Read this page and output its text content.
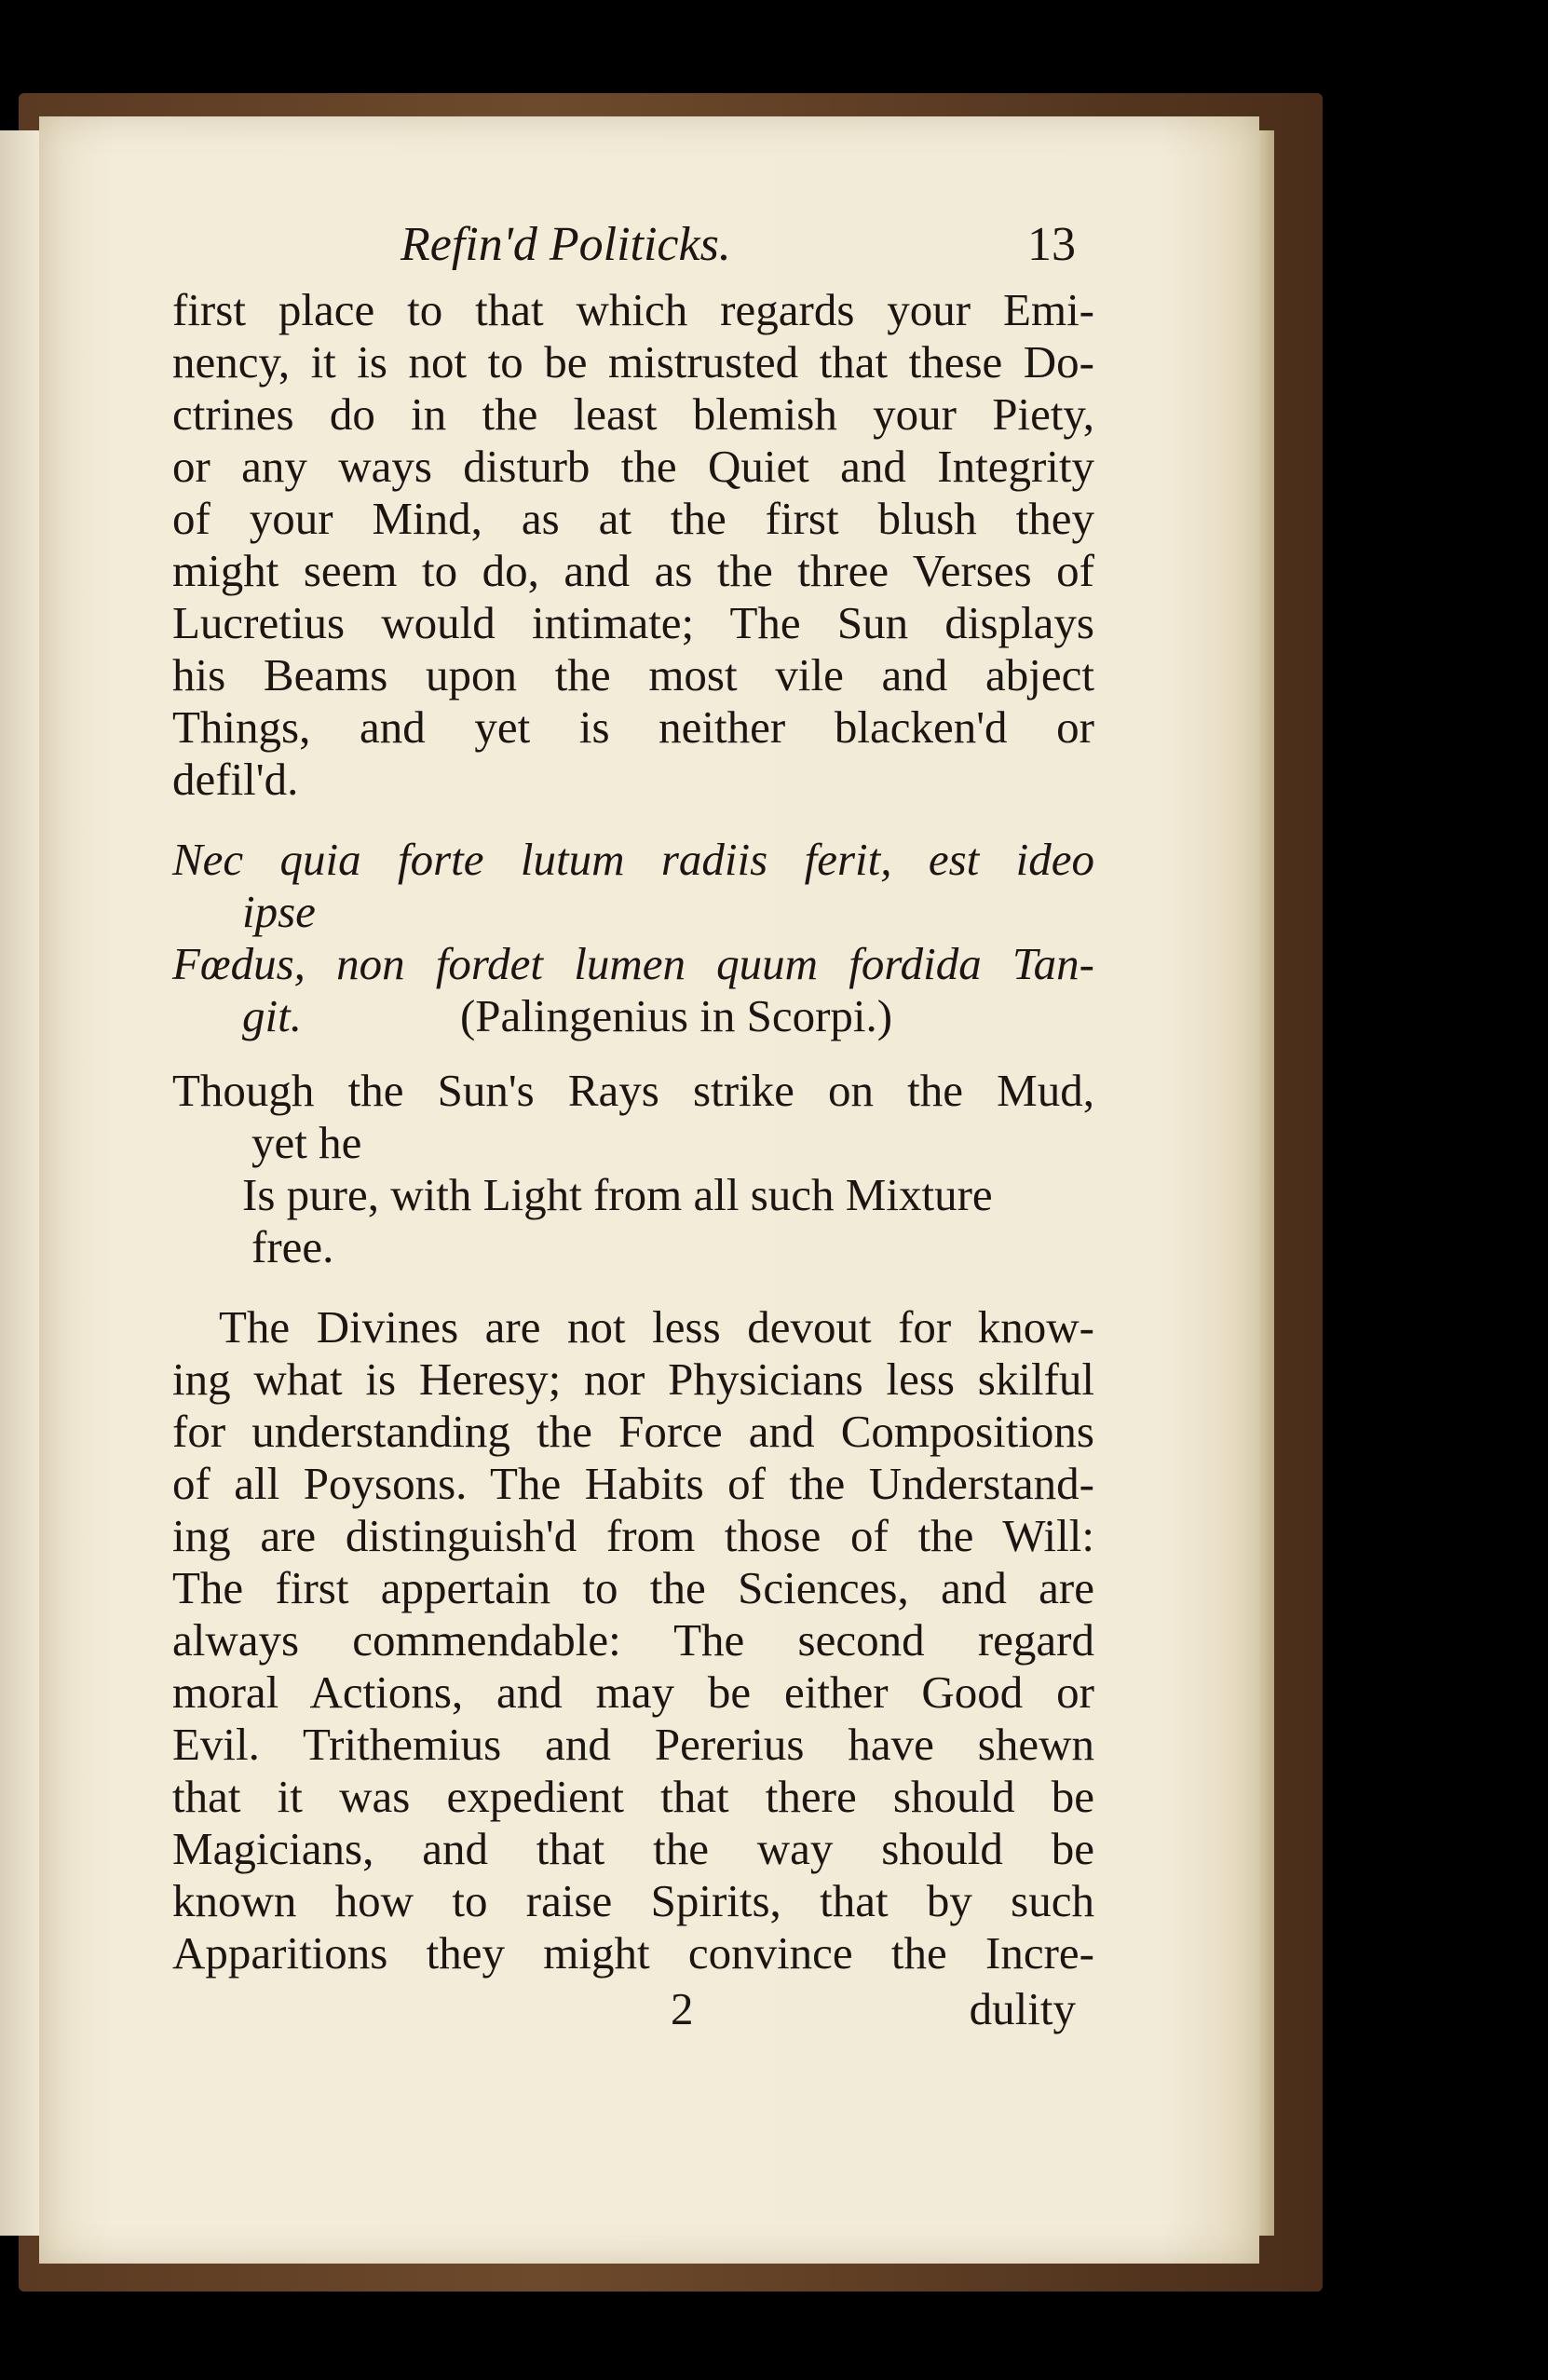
Refin'd Politicks.	13
first place to that which regards your Emi-
nency, it is not to be mistrusted that these Do-
ctrines do in the least blemish your Piety,
or any ways disturb the Quiet and Integrity
of your Mind, as at the first blush they
might seem to do, and as the three Verses of
Lucretius would intimate; The Sun displays
his Beams upon the most vile and abject
Things, and yet is neither blacken'd or
defil'd.
Nec quia forte lutum radiis ferit, est ideo
ipse
Fœdus, non fordet lumen quum fordida Tan-
git.	(Palingenius in Scorpi.)
Though the Sun's Rays strike on the Mud,
yet he
Is pure, with Light from all such Mixture
free.
The Divines are not less devout for know-
ing what is Heresy; nor Physicians less skilful
for understanding the Force and Compositions
of all Poysons. The Habits of the Understand-
ing are distinguish'd from those of the Will:
The first appertain to the Sciences, and are
always commendable: The second regard
moral Actions, and may be either Good or
Evil. Trithemius and Pererius have shewn
that it was expedient that there should be
Magicians, and that the way should be
known how to raise Spirits, that by such
Apparitions they might convince the Incre-
2	dulity
